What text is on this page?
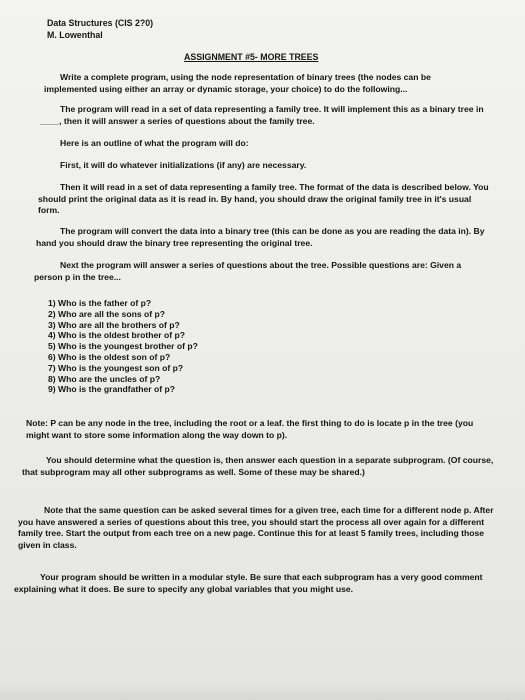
Data Structures (CIS 2?0)
M. Lowenthal
ASSIGNMENT #5- MORE TREES
Write a complete program, using the node representation of binary trees (the nodes can be implemented using either an array or dynamic storage, your choice) to do the following...
The program will read in a set of data representing a family tree. It will implement this as a binary tree in ____, then it will answer a series of questions about the family tree.
Here is an outline of what the program will do:
First, it will do whatever initializations (if any) are necessary.
Then it will read in a set of data representing a family tree. The format of the data is described below. You should print the original data as it is read in. By hand, you should draw the original family tree in it's usual form.
The program will convert the data into a binary tree (this can be done as you are reading the data in). By hand you should draw the binary tree representing the original tree.
Next the program will answer a series of questions about the tree. Possible questions are: Given a person p in the tree...
1) Who is the father of p?
2) Who are all the sons of p?
3) Who are all the brothers of p?
4) Who is the oldest brother of p?
5) Who is the youngest brother of p?
6) Who is the oldest son of p?
7) Who is the youngest son of p?
8) Who are the uncles of p?
9) Who is the grandfather of p?
Note: P can be any node in the tree, including the root or a leaf. the first thing to do is locate p in the tree (you might want to store some information along the way down to p).
You should determine what the question is, then answer each question in a separate subprogram. (Of course, that subprogram may all other subprograms as well. Some of these may be shared.)
Note that the same question can be asked several times for a given tree, each time for a different node p. After you have answered a series of questions about this tree, you should start the process all over again for a different family tree. Start the output from each tree on a new page. Continue this for at least 5 family trees, including those given in class.
Your program should be written in a modular style. Be sure that each subprogram has a very good comment explaining what it does. Be sure to specify any global variables that you might use.
